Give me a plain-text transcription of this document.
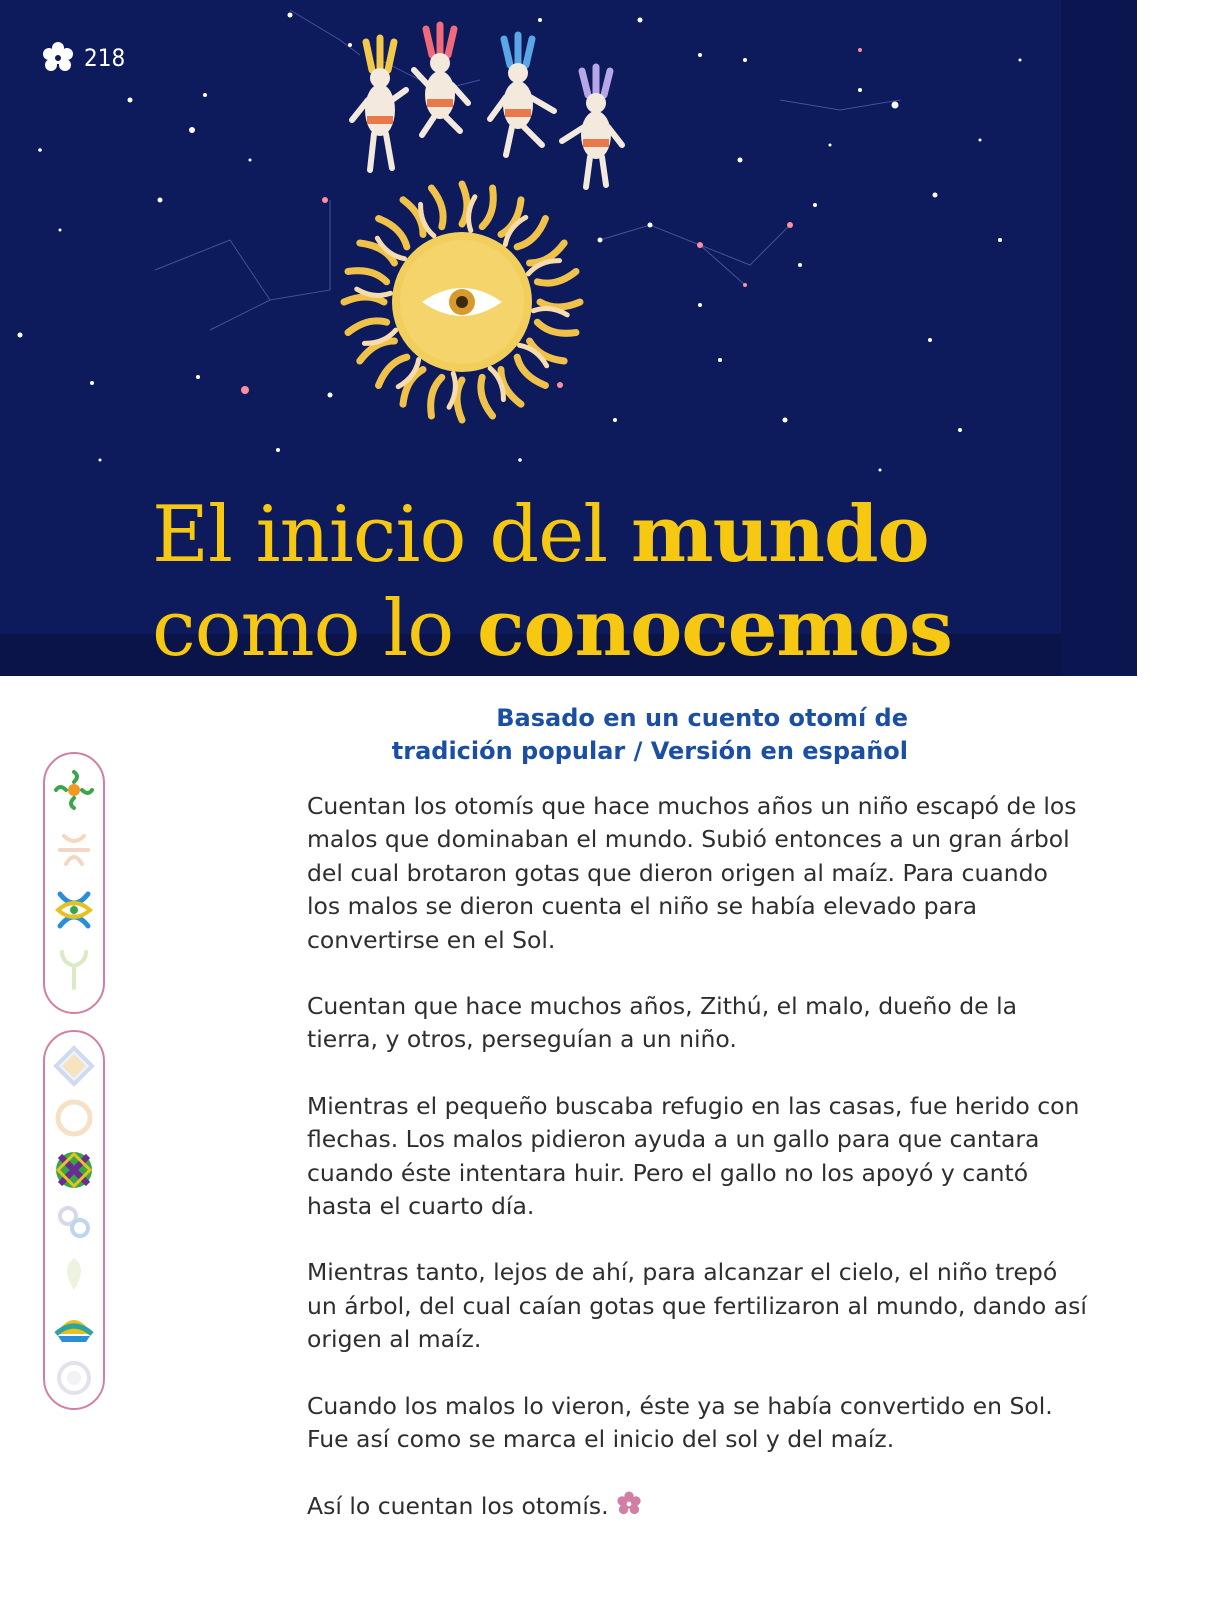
218
El inicio del mundo
como lo conocemos

Basado en un cuento otomí de
tradición popular / Versión en español

Cuentan los otomís que hace muchos años un niño escapó de los malos que dominaban el mundo. Subió entonces a un gran árbol del cual brotaron gotas que dieron origen al maíz. Para cuando los malos se dieron cuenta el niño se había elevado para convertirse en el Sol.

Cuentan que hace muchos años, Zithú, el malo, dueño de la tierra, y otros, perseguían a un niño.

Mientras el pequeño buscaba refugio en las casas, fue herido con flechas. Los malos pidieron ayuda a un gallo para que cantara cuando éste intentara huir. Pero el gallo no los apoyó y cantó hasta el cuarto día.

Mientras tanto, lejos de ahí, para alcanzar el cielo, el niño trepó un árbol, del cual caían gotas que fertilizaron al mundo, dando así origen al maíz.

Cuando los malos lo vieron, éste ya se había convertido en Sol. Fue así como se marca el inicio del sol y del maíz.

Así lo cuentan los otomís.
